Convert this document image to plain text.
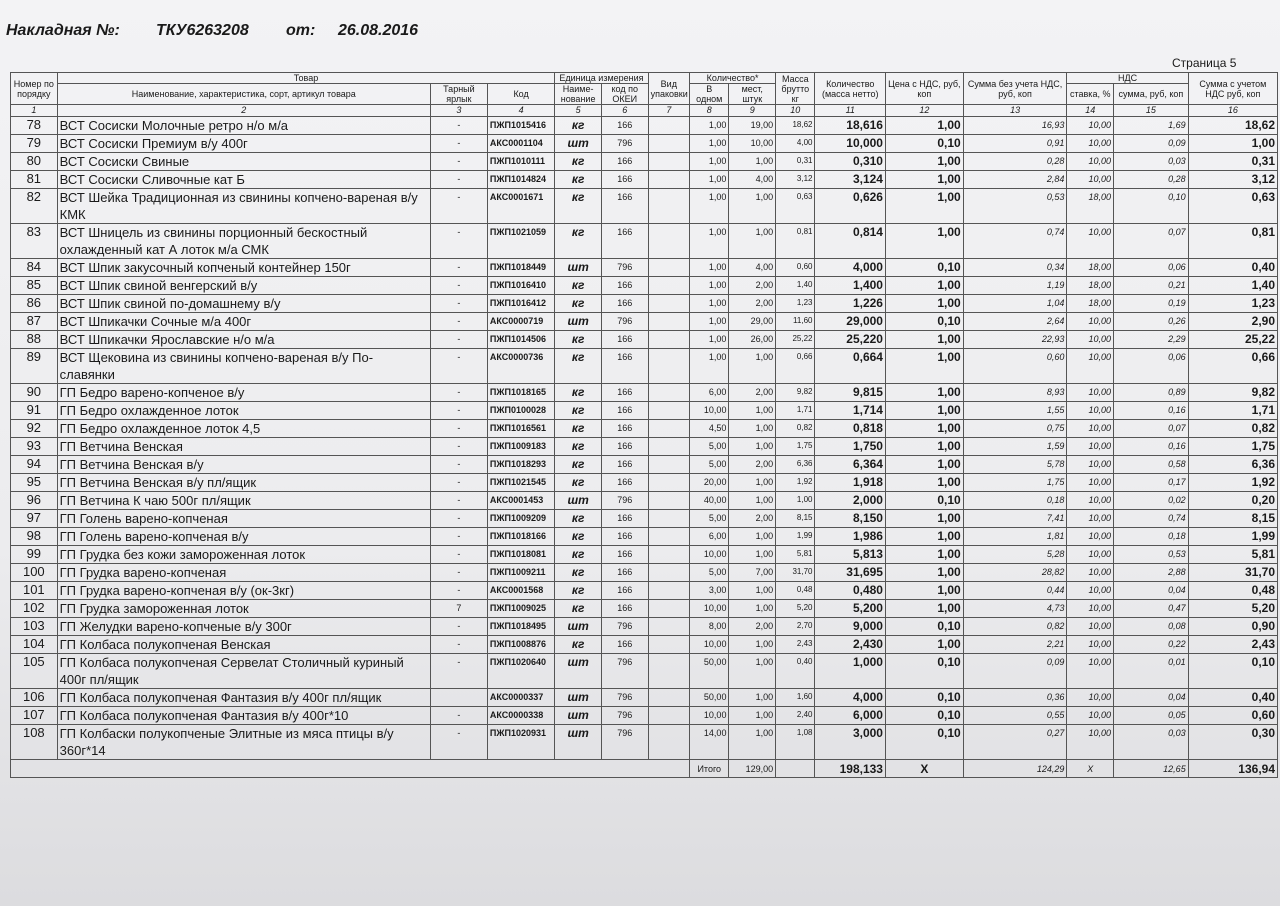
Накладная №: ТКУ6263208 от: 26.08.2016
Страница 5
Номер по порядку	Товар			Единица измерения		Вид упаковки	Количество*		Масса брутто кг	Количество (масса нетто)	Цена с НДС, руб, коп	Сумма без учета НДС, руб, коп	НДС		Сумма с учетом НДС руб, коп
	Наименование, характеристика, сорт, артикул товара	Тарный ярлык	Код	Наиме-нование	код по ОКЕИ		В одном	мест, штук					ставка, %	сумма, руб, коп	
1	2	3	4	5	6	7	8	9	10	11	12	13	14	15	16
78	ВСТ Сосиски Молочные ретро н/о м/а	-	ПЖП1015416	кг	166		1,00	19,00	18,62	18,616	1,00	16,93	10,00	1,69	18,62
79	ВСТ Сосиски Премиум в/у 400г	-	АКС0001104	шт	796		1,00	10,00	4,00	10,000	0,10	0,91	10,00	0,09	1,00
80	ВСТ Сосиски Свиные	-	ПЖП1010111	кг	166		1,00	1,00	0,31	0,310	1,00	0,28	10,00	0,03	0,31
81	ВСТ Сосиски Сливочные кат Б	-	ПЖП1014824	кг	166		1,00	4,00	3,12	3,124	1,00	2,84	10,00	0,28	3,12
82	ВСТ Шейка Традиционная из свинины копчено-вареная в/у КМК	-	АКС0001671	кг	166		1,00	1,00	0,63	0,626	1,00	0,53	18,00	0,10	0,63
83	ВСТ Шницель из свинины порционный бескостный охлажденный кат А лоток м/а СМК	-	ПЖП1021059	кг	166		1,00	1,00	0,81	0,814	1,00	0,74	10,00	0,07	0,81
84	ВСТ Шпик закусочный копченый контейнер 150г	-	ПЖП1018449	шт	796		1,00	4,00	0,60	4,000	0,10	0,34	18,00	0,06	0,40
85	ВСТ Шпик свиной венгерский в/у	-	ПЖП1016410	кг	166		1,00	2,00	1,40	1,400	1,00	1,19	18,00	0,21	1,40
86	ВСТ Шпик свиной по-домашнему в/у	-	ПЖП1016412	кг	166		1,00	2,00	1,23	1,226	1,00	1,04	18,00	0,19	1,23
87	ВСТ Шпикачки Сочные м/а 400г	-	АКС0000719	шт	796		1,00	29,00	11,60	29,000	0,10	2,64	10,00	0,26	2,90
88	ВСТ Шпикачки Ярославские н/о м/а	-	ПЖП1014506	кг	166		1,00	26,00	25,22	25,220	1,00	22,93	10,00	2,29	25,22
89	ВСТ Щековина из свинины копчено-вареная в/у По-славянки	-	АКС0000736	кг	166		1,00	1,00	0,66	0,664	1,00	0,60	10,00	0,06	0,66
90	ГП Бедро варено-копченое в/у	-	ПЖП1018165	кг	166		6,00	2,00	9,82	9,815	1,00	8,93	10,00	0,89	9,82
91	ГП Бедро охлажденное лоток	-	ПЖП0100028	кг	166		10,00	1,00	1,71	1,714	1,00	1,55	10,00	0,16	1,71
92	ГП Бедро охлажденное лоток 4,5	-	ПЖП1016561	кг	166		4,50	1,00	0,82	0,818	1,00	0,75	10,00	0,07	0,82
93	ГП Ветчина Венская	-	ПЖП1009183	кг	166		5,00	1,00	1,75	1,750	1,00	1,59	10,00	0,16	1,75
94	ГП Ветчина Венская в/у	-	ПЖП1018293	кг	166		5,00	2,00	6,36	6,364	1,00	5,78	10,00	0,58	6,36
95	ГП Ветчина Венская в/у пл/ящик	-	ПЖП1021545	кг	166		20,00	1,00	1,92	1,918	1,00	1,75	10,00	0,17	1,92
96	ГП Ветчина К чаю 500г пл/ящик	-	АКС0001453	шт	796		40,00	1,00	1,00	2,000	0,10	0,18	10,00	0,02	0,20
97	ГП Голень варено-копченая	-	ПЖП1009209	кг	166		5,00	2,00	8,15	8,150	1,00	7,41	10,00	0,74	8,15
98	ГП Голень варено-копченая в/у	-	ПЖП1018166	кг	166		6,00	1,00	1,99	1,986	1,00	1,81	10,00	0,18	1,99
99	ГП Грудка без кожи замороженная лоток	-	ПЖП1018081	кг	166		10,00	1,00	5,81	5,813	1,00	5,28	10,00	0,53	5,81
100	ГП Грудка варено-копченая	-	ПЖП1009211	кг	166		5,00	7,00	31,70	31,695	1,00	28,82	10,00	2,88	31,70
101	ГП Грудка варено-копченая в/у (ок-3кг)	-	АКС0001568	кг	166		3,00	1,00	0,48	0,480	1,00	0,44	10,00	0,04	0,48
102	ГП Грудка замороженная лоток	7	ПЖП1009025	кг	166		10,00	1,00	5,20	5,200	1,00	4,73	10,00	0,47	5,20
103	ГП Желудки варено-копченые в/у 300г	-	ПЖП1018495	шт	796		8,00	2,00	2,70	9,000	0,10	0,82	10,00	0,08	0,90
104	ГП Колбаса полукопченая Венская	-	ПЖП1008876	кг	166		10,00	1,00	2,43	2,430	1,00	2,21	10,00	0,22	2,43
105	ГП Колбаса полукопченая Сервелат Столичный куриный 400г пл/ящик	-	ПЖП1020640	шт	796		50,00	1,00	0,40	1,000	0,10	0,09	10,00	0,01	0,10
106	ГП Колбаса полукопченая Фантазия в/у 400г пл/ящик		АКС0000337	шт	796		50,00	1,00	1,60	4,000	0,10	0,36	10,00	0,04	0,40
107	ГП Колбаса полукопченая Фантазия в/у 400г*10	-	АКС0000338	шт	796		10,00	1,00	2,40	6,000	0,10	0,55	10,00	0,05	0,60
108	ГП Колбаски полукопченые Элитные из мяса птицы в/у 360г*14	-	ПЖП1020931	шт	796		14,00	1,00	1,08	3,000	0,10	0,27	10,00	0,03	0,30
							Итого	129,00		198,133	X	124,29	X	12,65	136,94
